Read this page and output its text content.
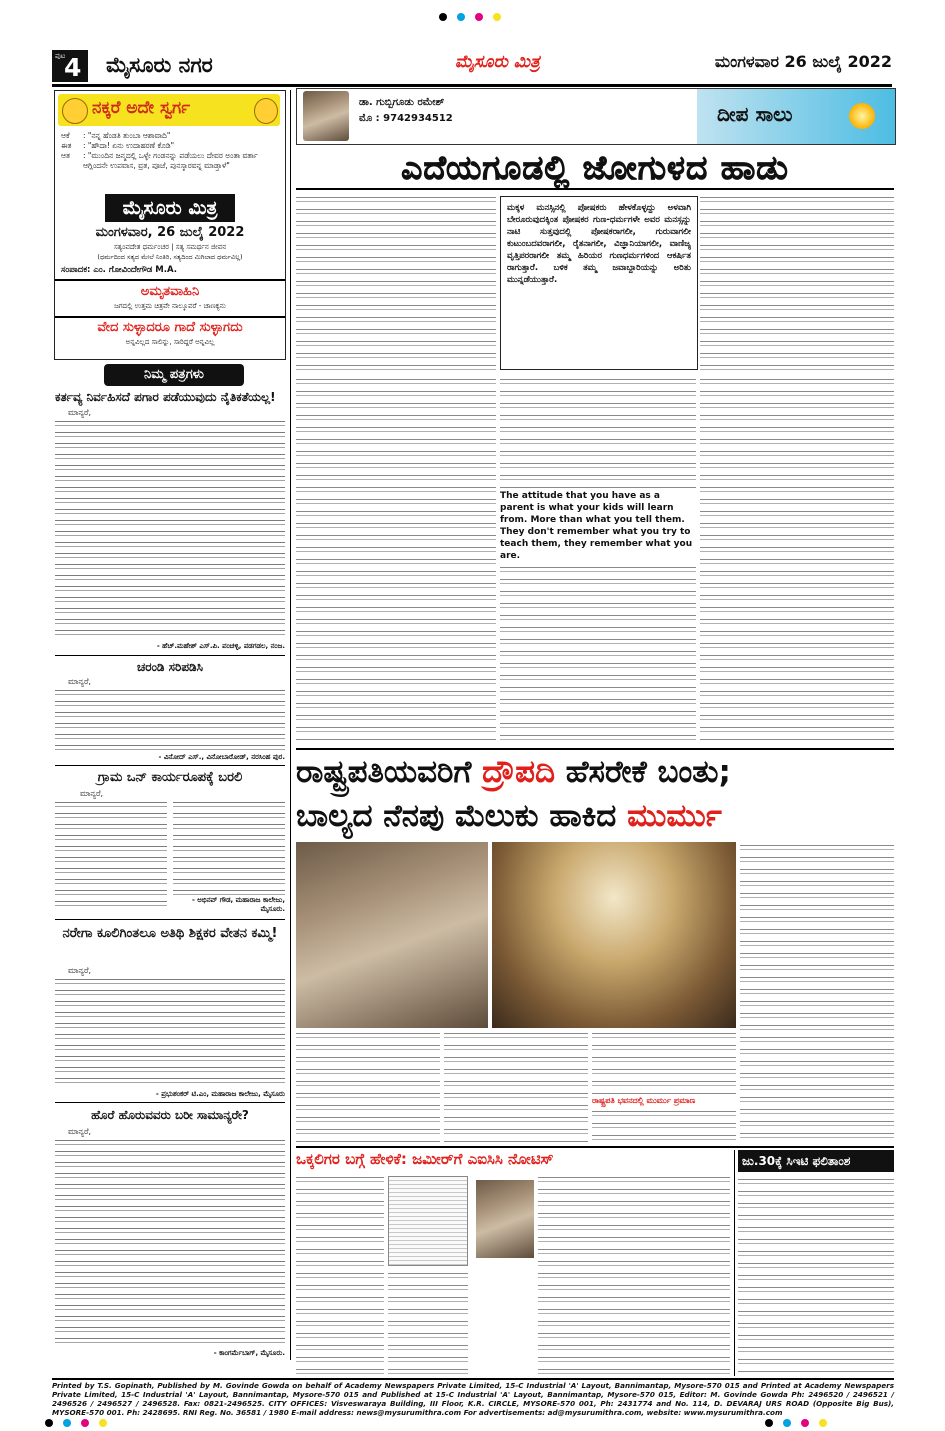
ಪುಟ
4 ಮೈಸೂರು ನಗರ	ಮೈಸೂರು ಮಿತ್ರ	ಮಂಗಳವಾರ 26 ಜುಲೈ 2022
ನಕ್ಕರೆ ಅದೇ ಸ್ವರ್ಗ
ಆಕೆ	: "ನನ್ನ ಹೆಂಡತಿ ತುಂಬಾ ಆಶಾವಾದಿ"
ಈತ	: "ಹೌದಾ! ಏನು ಉದಾಹರಣೆ ಕೊಡಿ"
ಆತ	: "ಮುಂದಿನ ಜನ್ಮದಲ್ಲಿ ಒಳ್ಳೇ ಗಂಡನನ್ನು ಪಡೆಯಲು ದೇವರ ಅಂತಾ ವರ್ತಾ ಆಗ್ಲಿಂದನೇ ಉಪವಾಸ, ವ್ರತ, ಪೂಜೆ, ಪುನಸ್ಕಾರವನ್ನ ಮಾಡ್ತಾಳೆ"
ಮೈಸೂರು ಮಿತ್ರ
ಮಂಗಳವಾರ, 26 ಜುಲೈ 2022
ಸತ್ಯಂವದೇತ ಧರ್ಮಂಚರ | ಸತ್ಯ ಸಮರ್ಥನ ಜೀವನ
(ಧರ್ಮದಿಂದ ಸತ್ಯದ ಮೇಲೆ ನಿಂತಿರಿ, ಸತ್ಯದಿಂದ ಮಿಗಿಲಾದ ಧರ್ಮವಿಲ್ಲ)
ಸಂಪಾದಕ: ಎಂ. ಗೋವಿಂದೇಗೌಡ M.A.
ಅಮೃತವಾಹಿನಿ
ಜಗದಲ್ಲಿ ಉತ್ತಮ ಚಿತ್ರವೇ ನಾಲ್ಕೂವರೆ - ಚಾಣಕ್ಯನು
ವೇದ ಸುಳ್ಳಾದರೂ ಗಾದೆ ಸುಳ್ಳಾಗದು
ಅನ್ನವಿಲ್ಲದ ಸಾಲಿನ್ನು, ಸಾರಿದ್ದರೆ ಅನ್ನವಿಲ್ಲ
ನಿಮ್ಮ ಪತ್ರಗಳು
ಕರ್ತವ್ಯ ನಿರ್ವಹಿಸದೆ ಪಗಾರ ಪಡೆಯುವುದು ನೈತಿಕತೆಯಲ್ಲ!
ಮಾನ್ಯರೆ,
- ಹೆಚ್.ಮಹೇಶ್ ಎಸ್.ಪಿ. ಪಂಚಳ್ಳಿ, ಪಡಗಡಲ, ನಂಜ.
ಚರಂಡಿ ಸರಿಪಡಿಸಿ
ಮಾನ್ಯರೆ,
- ವಿನೋದ್ ಎಸ್., ವಿನೋಬಾರೋಡ್, ನರಸಿಂಹ ಪುರ.
ಗ್ರಾಮ ಒನ್ ಕಾರ್ಯರೂಪಕ್ಕೆ ಬರಲಿ
ಮಾನ್ಯರೆ,
- ಅಭಿನವ್ ಗೌಡ, ಮಹಾರಾಜ ಕಾಲೇಜು, ಮೈಸೂರು.
ನರೇಗಾ ಕೂಲಿಗಿಂತಲೂ ಅತಿಥಿ ಶಿಕ್ಷಕರ ವೇತನ ಕಮ್ಮಿ!
ಮಾನ್ಯರೆ,
- ಪ್ರಭುಶಂಕರ್ ಟಿ.ಎಂ, ಮಹಾರಾಜ ಕಾಲೇಜು, ಮೈಸೂರು
ಹೊರೆ ಹೊರುವವರು ಬರೀ ಸಾಮಾನ್ಯರೇ?
ಮಾನ್ಯರೆ,
- ಕಾಂಗರ್ಮೆಬಾಗ್, ಮೈಸೂರು.
ಡಾ. ಗುಬ್ಬಿಗೂಡು ರಮೇಶ್
ಮೊ : 9742934512	ದೀಪ ಸಾಲು
ಎದೆಯಗೂಡಲ್ಲಿ ಜೋಗುಳದ ಹಾಡು
ಮಕ್ಕಳ ಮನಸ್ಸಿನಲ್ಲಿ ಪೋಷಕರು ಹೇಳಕೊಳ್ಳದ್ದು ಅಳವಾಗಿ ಬೇರೂರುವುದಕ್ಕಿಂತ ಪೋಷಕರ ಗುಣ-ಧರ್ಮಗಳೇ ಅವರ ಮನಸ್ಸನ್ನು ನಾಟಿ ಸುತ್ತವುದಲ್ಲಿ ಪೋಷಕರಾಗಲೀ, ಗುರುವಾಗಲೀ ಕುಟುಂಬದವರಾಗಲೀ, ರೈತನಾಗಲೀ, ವಿಜ್ಞಾನಿಯಾಗಲೀ, ವಾಣಿಜ್ಯ ವೃತ್ತಿಪರರಾಗಲೀ ತಮ್ಮ ಹಿರಿಯರ ಗುಣಧರ್ಮಗಳಿಂದ ಆಕರ್ಷಿತ ರಾಗುತ್ತಾರೆ. ಬಳಿಕ ತಮ್ಮ ಜವಾಬ್ದಾರಿಯನ್ನು ಅರಿತು ಮುನ್ನಡೆಯುತ್ತಾರೆ.
The attitude that you have as a parent is what your kids will learn from. More than what you tell them. They don't remember what you try to teach them, they remember what you are.
ರಾಷ್ಟ್ರಪತಿಯವರಿಗೆ ದ್ರೌಪದಿ ಹೆಸರೇಕೆ ಬಂತು;
ಬಾಲ್ಯದ ನೆನಪು ಮೆಲುಕು ಹಾಕಿದ ಮುರ್ಮು
ರಾಷ್ಟ್ರಪತಿ ಭವನದಲ್ಲಿ ಮುರ್ಮು ಪ್ರಮಾಣ
ಒಕ್ಕಲಿಗರ ಬಗ್ಗೆ ಹೇಳಿಕೆ: ಜಮೀರ್‌ಗೆ ಎಐಸಿಸಿ ನೋಟಿಸ್	ಜು.30ಕ್ಕೆ ಸಿಇಟಿ ಫಲಿತಾಂಶ
Printed by T.S. Gopinath, Published by M. Govinde Gowda on behalf of Academy Newspapers Private Limited, 15-C Industrial 'A' Layout, Bannimantap, Mysore-570 015 and Printed at Academy Newspapers Private Limited, 15-C Industrial 'A' Layout, Bannimantap, Mysore-570 015 and Published at 15-C Industrial 'A' Layout, Bannimantap, Mysore-570 015, Editor: M. Govinde Gowda Ph: 2496520 / 2496521 / 2496526 / 2496527 / 2496528. Fax: 0821-2496525. CITY OFFICES: Visveswaraya Building, III Floor, K.R. CIRCLE, MYSORE-570 001, Ph: 2431774 and No. 114, D. DEVARAJ URS ROAD (Opposite Big Bus), MYSORE-570 001. Ph: 2428695. RNI Reg. No. 36581 / 1980 E-mail address: news@mysurumithra.com For advertisements: ad@mysurumithra.com, website: www.mysurumithra.com
